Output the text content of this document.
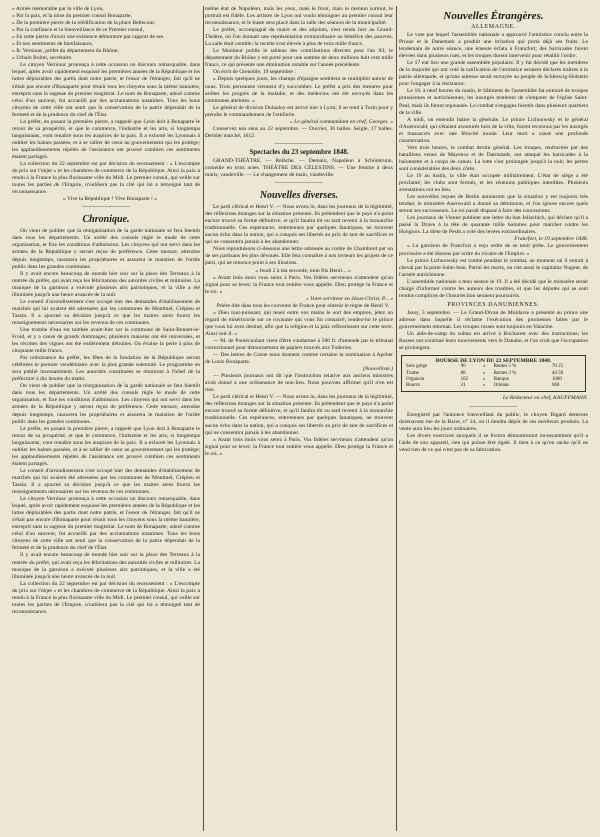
« Aimée mémorable par la ville de Lyon,

« Par la paix, et la mise du premier consul Bonaparte,

« De la première pierre de la réédification de la place Bellecour;

« Par la confiance et la bienveillance de ce Premier consul,

« En cette pierre d'avoir une existence démontrée par rapport de ses

« Et nos sentiments de bienfaisance,

« R. Verninac, préfet du département du Rhône;

« Urbain Ruiter, secrétaire.

Le citoyen Verninac prononça à cette occasion un discours remarquable, dans lequel, après avoir rapidement esquissé les premières années de la République et les luttes déplorables des partis dont notre patrie, et l'essor de l'étranger, fait qu'il ne s'était pas encore d'Bonaparte pour réunir tous les citoyens sous la même bannière, entreprit sans la sagesse du premier magistrat. Le nom de Bonaparte, adoré comme celui d'un sauveur, fut accueilli par des acclamations unanimes. Tous les bons citoyens de cette ville ont senti que la conservation de la patrie dépendait de la fermeté et de la prudence du chef de l'État.

Le préfet, en posant la première pierre, a rappelé que Lyon doit à Bonaparte le retour de sa prospérité, et que le commerce, l'industrie et les arts, si longtemps languissants, vont renaître sous les auspices de la paix. Il a exhorté les Lyonnais à oublier les haines passées, et à se rallier de cœur au gouvernement qui les protège; les applaudissements répétés de l'assistance ont prouvé combien ces sentiments étaient partagés.

La collection du 22 septembre est par décision du recensement : « L'escompte du prix sur l'objet » et les chambres de commerce de la République. Ainsi la paix a rendu à la France la plus florissante ville du Midi. Le premier consul, qui veille sur toutes les parties de l'Empire, n'oubliera pas la cité qui lui a témoigné tant de reconnaissance.

« Vive la République ! Vive Bonaparte ! »

————————
Chronique.

On vient de publier que la réorganisation de la garde nationale se fera bientôt dans tous les départements. Un arrêté des consuls règle le mode de cette organisation, et fixe les conditions d'admission. Les citoyens qui ont servi dans les armées de la République y seront reçus de préférence. Cette mesure, attendue depuis longtemps, rassurera les propriétaires et assurera le maintien de l'ordre public dans les grandes communes.

Il y avait encore beaucoup de monde hier soir sur la place des Terreaux à la rentrée du préfet, qui avait reçu les félicitations des autorités civiles et militaires. La musique de la garnison a exécuté plusieurs airs patriotiques, et la ville a été illuminée jusqu'à une heure avancée de la nuit.

Le conseil d'arrondissement s'est occupé hier des demandes d'établissement de marchés qui lui avaient été adressées par les communes de Montluel, Crépieu et Tassin. Il a ajourné sa décision jusqu'à ce que les maires aient fourni les renseignements nécessaires sur les revenus de ces communes.

Une trombe d'eau est tombée avant-hier sur la commune de Saint-Bonnet-le-Froid, et y a causé de grands dommages; plusieurs maisons ont été renversées, et les récoltes des vignes ont été entièrement détruites. On évalue la perte à plus de cinquante mille francs.

Par ordonnance du préfet, les fêtes de la fondation de la République seront célébrées le premier vendémiaire avec la plus grande solennité. Le programme en sera publié incessamment. Les autorités constituées se réuniront à l'hôtel de la préfecture à dix heures du matin.

On vient de publier que la réorganisation de la garde nationale se fera bientôt dans tous les départements. Un arrêté des consuls règle le mode de cette organisation, et fixe les conditions d'admission. Les citoyens qui ont servi dans les armées de la République y seront reçus de préférence. Cette mesure, attendue depuis longtemps, rassurera les propriétaires et assurera le maintien de l'ordre public dans les grandes communes.

Le préfet, en posant la première pierre, a rappelé que Lyon doit à Bonaparte le retour de sa prospérité, et que le commerce, l'industrie et les arts, si longtemps languissants, vont renaître sous les auspices de la paix. Il a exhorté les Lyonnais à oublier les haines passées, et à se rallier de cœur au gouvernement qui les protège; les applaudissements répétés de l'assistance ont prouvé combien ces sentiments étaient partagés.

Le conseil d'arrondissement s'est occupé hier des demandes d'établissement de marchés qui lui avaient été adressées par les communes de Montluel, Crépieu et Tassin. Il a ajourné sa décision jusqu'à ce que les maires aient fourni les renseignements nécessaires sur les revenus de ces communes.

Le citoyen Verninac prononça à cette occasion un discours remarquable, dans lequel, après avoir rapidement esquissé les premières années de la République et les luttes déplorables des partis dont notre patrie, et l'essor de l'étranger, fait qu'il ne s'était pas encore d'Bonaparte pour réunir tous les citoyens sous la même bannière, entreprit sans la sagesse du premier magistrat. Le nom de Bonaparte, adoré comme celui d'un sauveur, fut accueilli par des acclamations unanimes. Tous les bons citoyens de cette ville ont senti que la conservation de la patrie dépendait de la fermeté et de la prudence du chef de l'État.

Il y avait encore beaucoup de monde hier soir sur la place des Terreaux à la rentrée du préfet, qui avait reçu les félicitations des autorités civiles et militaires. La musique de la garnison a exécuté plusieurs airs patriotiques, et la ville a été illuminée jusqu'à une heure avancée de la nuit.

La collection du 22 septembre est par décision du recensement : « L'escompte du prix sur l'objet » et les chambres de commerce de la République. Ainsi la paix a rendu à la France la plus florissante ville du Midi. Le premier consul, qui veille sur toutes les parties de l'Empire, n'oubliera pas la cité qui lui a témoigné tant de reconnaissance.

même état de Napoléon, mais les yeux, mais le front, mais le menton surtout, le portrait est fidèle. Les artistes de Lyon ont voulu témoigner au premier consul leur reconnaissance, et le buste sera placé dans la salle des séances de la municipalité.

Le préfet, accompagné du maire et des adjoints, s'est rendu hier au Grand-Théâtre, où l'on donnait une représentation extraordinaire au bénéfice des pauvres. La salle était comble; la recette s'est élevée à plus de trois mille francs.

Le Moniteur publie le tableau des contributions directes pour l'an XI; le département du Rhône y est porté pour une somme de deux millions huit cent mille francs, ce qui présente une diminution notable sur l'année précédente.

On écrit de Grenoble, 19 septembre :

« Depuis quelques jours, les champs d'épargne semblent se multiplier autour de nous. Trois personnes viennent d'y succomber. Le préfet a pris des mesures pour arrêter les progrès de la maladie, et des médecins ont été envoyés dans les communes atteintes. »

Le général de division Dulauloy est arrivé hier à Lyon; il se rend à Turin pour y prendre le commandement de l'artillerie.

« Le général commandant en chef, Georges. »

Conservez nos sens au 22 septembre. — Ouvrier, 36 balles. Seigle, 17 balles. Dernier marché, 1612.

————————
Spectacles du 23 septembre 1848.

GRAND-THÉÂTRE. — Relâche. — Demain, Napoléon à Schönbrunn, comédie en trois actes. THÉÂTRE DES CÉLESTINS. — Une femme à deux maris, vaudeville. — Le changement de main, vaudeville.

————————
Nouvelles diverses.

Le parti clérical et Henri V. — Nous avons lu, dans les journaux de la légitimité, des réflexions étranges sur la situation présente. Ils prétendent que le pays n'a point encore trouvé sa forme définitive, et qu'il faudra tôt ou tard revenir à la monarchie traditionnelle. Ces espérances, entretenues par quelques fanatiques, ne trouvent aucun écho dans la nation, qui a conquis ses libertés au prix de tant de sacrifices et qui ne consentira jamais à les abandonner.

Nous reproduisons ci-dessous une lettre adressée au comte de Chambord par un de ses partisans les plus dévoués. Elle fera connaître à nos lecteurs les projets de ce parti, qui ne renonce point à ses illusions.

« Jeudi 2 à ma seconde, mon fils Henri... »

« Avant trois mois vous serez à Paris. Vos fidèles serviteurs n'attendent qu'un signal pour se lever; la France tout entière vous appelle. Dieu protège la France et le roi. »

« Votre serviteur en Jésus-Christ, P... »

Prière dite dans tous les couvents de France pour obtenir le règne de Henri V.

« Dieu tout-puissant, qui tenez entre vos mains le sort des empires, jetez un regard de miséricorde sur ce royaume qui vous fut consacré; rendez-lui le prince que vous lui avez destiné, afin que la religion et la paix refleurissent sur cette terre. Ainsi soit-il. »

— M. de Pontécoulant vient d'être condamné à 500 fr. d'amende par le tribunal correctionnel pour détournement de papiers trouvés aux Tuileries.

— Des lettres de Cosne nous donnent comme certaine la nomination à Apcher de Louis Bonaparte.

(Nouvelliste.)

— Plusieurs journaux ont dit que l'instruction relative aux anciens ministres avait donné à une ordonnance de non-lieu. Nous pouvons affirmer qu'il n'en est rien.

Le parti clérical et Henri V. — Nous avons lu, dans les journaux de la légitimité, des réflexions étranges sur la situation présente. Ils prétendent que le pays n'a point encore trouvé sa forme définitive, et qu'il faudra tôt ou tard revenir à la monarchie traditionnelle. Ces espérances, entretenues par quelques fanatiques, ne trouvent aucun écho dans la nation, qui a conquis ses libertés au prix de tant de sacrifices et qui ne consentira jamais à les abandonner.

« Avant trois mois vous serez à Paris. Vos fidèles serviteurs n'attendent qu'un signal pour se lever; la France tout entière vous appelle. Dieu protège la France et le roi. »

Nouvelles Étrangères.
ALLEMAGNE.

Le vote par lequel l'assemblée nationale a approuvé l'armistice conclu entre la Prusse et le Danemark a produit une irritation qui porta déjà ses fruits. Le lendemain de notre séance, une émeute éclata à Francfort; des barricades furent élevées dans plusieurs rues, et les troupes durent intervenir pour rétablir l'ordre.

Le 17 eut lieu une grande assemblée populaire. Il y fut décidé que les membres de la majorité qui ont voté la ratification de l'armistice seraient déclarés traîtres à la patrie allemande, et qu'une adresse serait envoyée au peuple de Schleswig-Holstein pour l'engager à la résistance.

Le 18, à neuf heures du matin, le bâtiment de l'assemblée fut entouré de troupes prussiennes et autrichiennes; les insurgés tentèrent de s'emparer de l'église Saint-Paul, mais ils furent repoussés. Le combat s'engagea bientôt dans plusieurs quartiers de la ville.

A midi, on entendit battre la générale. Le prince Lichnowsky et le général d'Auerswald, qui s'étaient aventurés hors de la ville, furent reconnus par les insurgés et massacrés avec une férocité inouïe. Leur mort a causé une profonde consternation.

Vers trois heures, le combat devint général. Les troupes, renforcées par des bataillons venus de Mayence et de Darmstadt, ont attaqué les barricades à la baïonnette et à coups de canon. La lutte s'est prolongée jusqu'à la nuit; les pertes sont considérables des deux côtés.

Le 19 au matin, la ville était occupée militairement. L'état de siège a été proclamé; les clubs sont fermés, et les réunions publiques interdites. Plusieurs arrestations ont eu lieu.

Les nouvelles reçues de Berlin annoncent que la situation y est toujours très tendue; le ministère Auerswald a donné sa démission, et l'on ignore encore quels seront ses successeurs. Le roi paraît disposé à faire des concessions.

Les journaux de Vienne publient une lettre du ban Jellachich, qui déclare qu'il a passé la Drave à la tête de quarante mille hommes pour marcher contre les Hongrois. La diète de Pesth a voté des levées extraordinaires.

Francfort, le 19 septembre 1848.

« La garnison de Francfort a reçu ordre de se tenir prête. Le gouvernement provisoire a été dissous par ordre du vicaire de l'Empire. »

Le prince Lichnowsky est tombé pendant le combat, au moment où il entrait à cheval par la porte Saint-Jean. Parmi les morts, on cite aussi le capitaine Nugent, de l'armée autrichienne.

L'assemblée nationale a tenu séance le 19. Il a été décidé que le ministère serait chargé d'informer contre les auteurs des troubles, et que les députés qui se sont rendus complices de l'insurrection seraient poursuivis.

PROVINCES DANUBIENNES.

Jassy, 3 septembre. — Le Grand-Divan de Moldavie a présenté au prince une adresse dans laquelle il réclame l'exécution des promesses faites par le gouvernement ottoman. Les troupes russes sont toujours en Valachie.

Un aide-de-camp du sultan est arrivé à Bucharest avec des instructions; les Russes ont continué leurs mouvements vers le Danube, et l'on croit que l'occupation se prolongera.

BOURSE DE LYON DU 22 SEPTEMBRE 1848.
Soie grège	96	»	Rentes 5 %	70 25
Trame	88	»	Rentes 3 %	44 50
Organsin	102	»	Banque	1680
Bourre	31	»	Orléans	660
Le Rédacteur en chef, KAUFFMANN.
————————

Enregistré par l'annonce bienveillant du public, le citoyen Bigard demeure dorénavant rue de la Barre, n° 24, où il tiendra dépôt de ses meilleurs produits. La vente aura lieu les jours ordinaires.

Les divers exercices auxquels il se livrera démontreront incessamment qu'il a l'aide de son appareil, rien qui puisse être égalé. Il tient à ce qu'on sache qu'il ne vend rien de ce qui n'est pas de sa fabrication.
